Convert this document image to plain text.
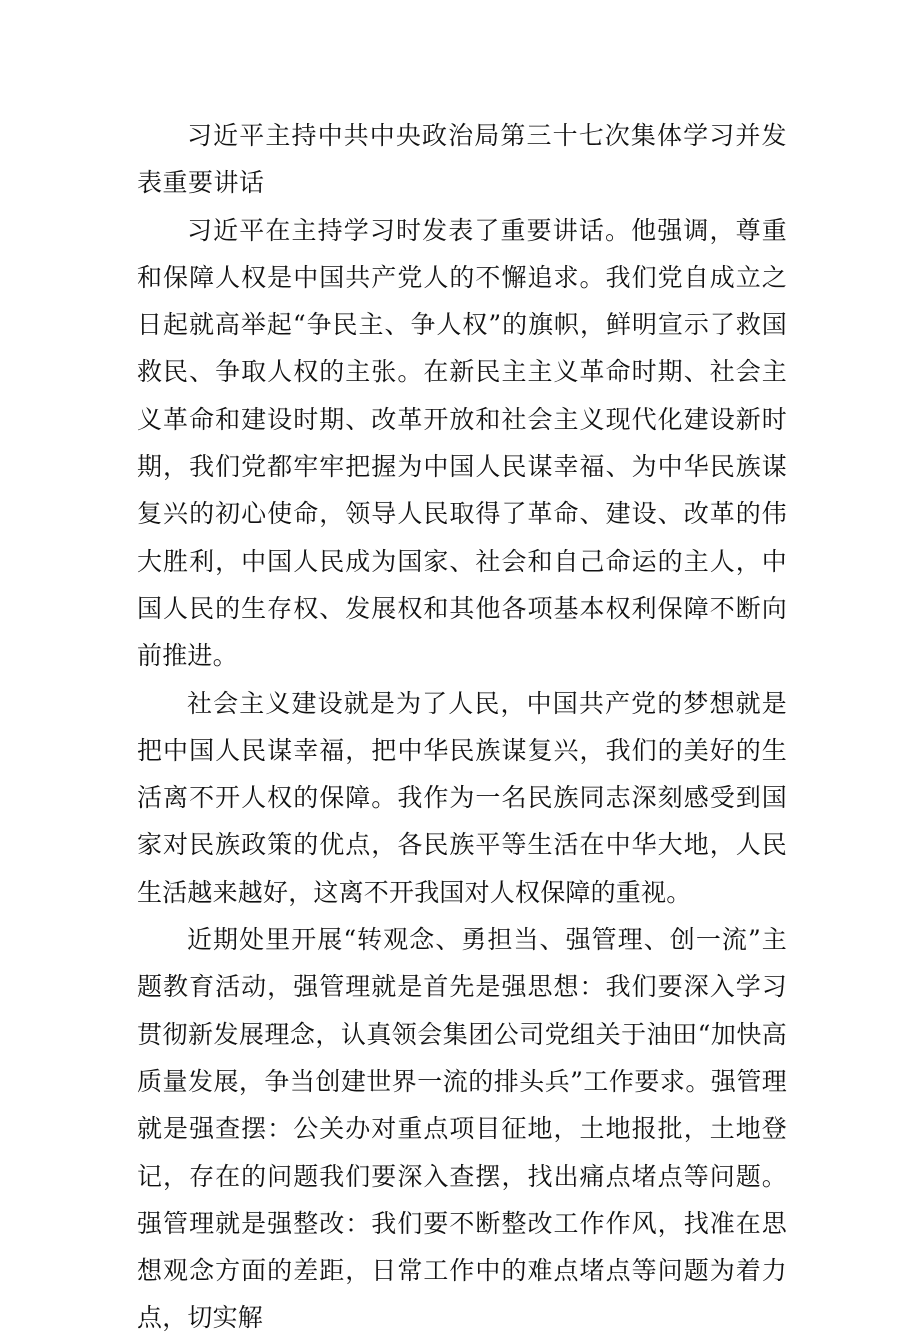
习近平主持中共中央政治局第三十七次集体学习并发表重要讲话

习近平在主持学习时发表了重要讲话。他强调，尊重和保障人权是中国共产党人的不懈追求。我们党自成立之日起就高举起“争民主、争人权”的旗帜，鲜明宣示了救国救民、争取人权的主张。在新民主主义革命时期、社会主义革命和建设时期、改革开放和社会主义现代化建设新时期，我们党都牢牢把握为中国人民谋幸福、为中华民族谋复兴的初心使命，领导人民取得了革命、建设、改革的伟大胜利，中国人民成为国家、社会和自己命运的主人，中国人民的生存权、发展权和其他各项基本权利保障不断向前推进。

社会主义建设就是为了人民，中国共产党的梦想就是把中国人民谋幸福，把中华民族谋复兴，我们的美好的生活离不开人权的保障。我作为一名民族同志深刻感受到国家对民族政策的优点，各民族平等生活在中华大地，人民生活越来越好，这离不开我国对人权保障的重视。

近期处里开展“转观念、勇担当、强管理、创一流”主题教育活动，强管理就是首先是强思想：我们要深入学习贯彻新发展理念，认真领会集团公司党组关于油田“加快高质量发展，争当创建世界一流的排头兵”工作要求。强管理就是强查摆：公关办对重点项目征地，土地报批，土地登记，存在的问题我们要深入查摆，找出痛点堵点等问题。强管理就是强整改：我们要不断整改工作作风，找准在思想观念方面的差距，日常工作中的难点堵点等问题为着力点，切实解
